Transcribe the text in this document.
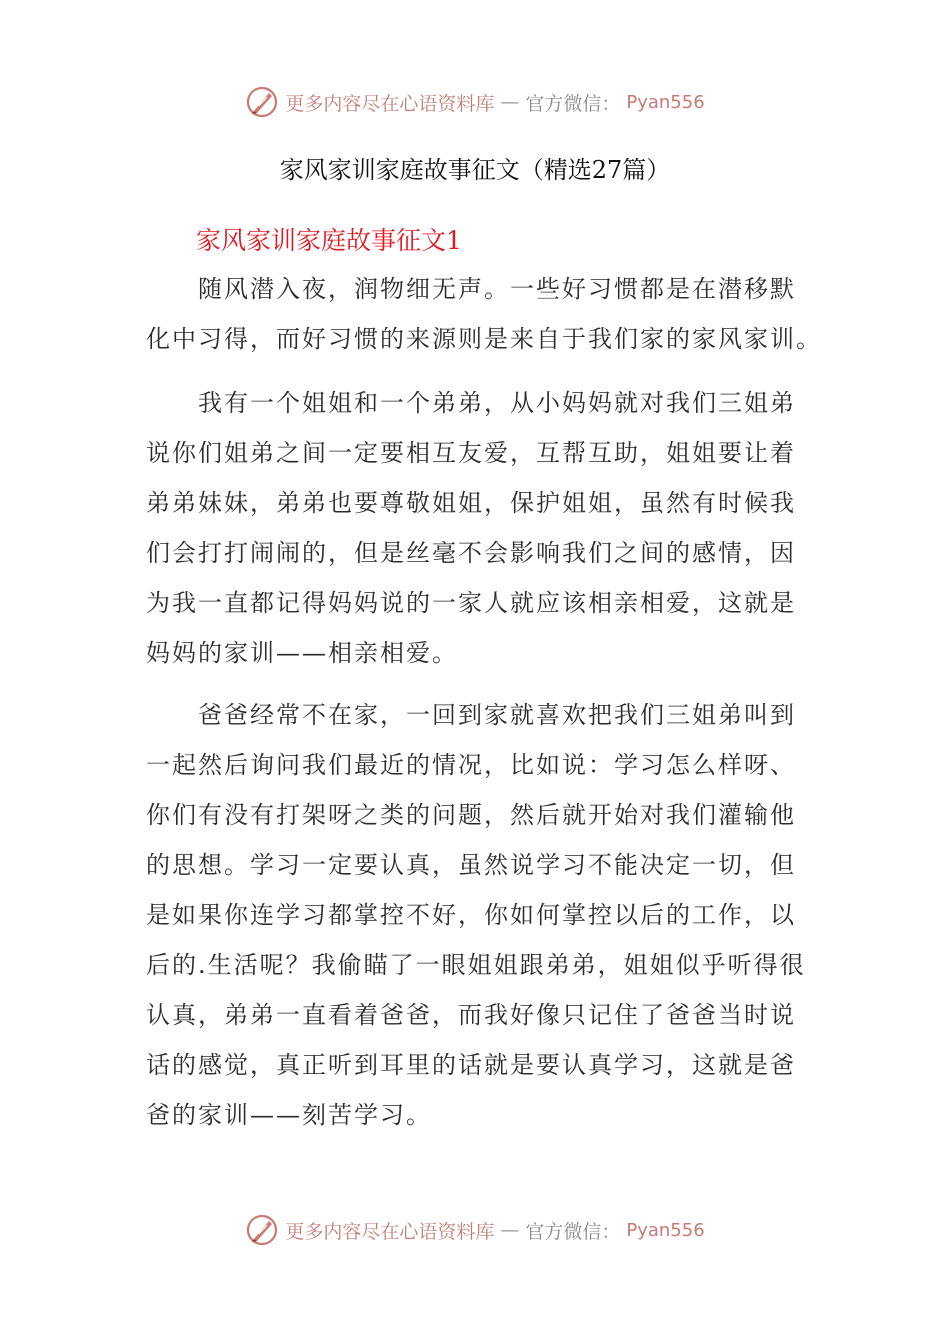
更多内容尽在心语资料库 — 官方微信： Pyan556
家风家训家庭故事征文（精选27篇）
家风家训家庭故事征文1

　　随风潜入夜，润物细无声。一些好习惯都是在潜移默
化中习得，而好习惯的来源则是来自于我们家的家风家训。

　　我有一个姐姐和一个弟弟，从小妈妈就对我们三姐弟
说你们姐弟之间一定要相互友爱，互帮互助，姐姐要让着
弟弟妹妹，弟弟也要尊敬姐姐，保护姐姐，虽然有时候我
们会打打闹闹的，但是丝毫不会影响我们之间的感情，因
为我一直都记得妈妈说的一家人就应该相亲相爱，这就是
妈妈的家训——相亲相爱。

　　爸爸经常不在家，一回到家就喜欢把我们三姐弟叫到
一起然后询问我们最近的情况，比如说：学习怎么样呀、
你们有没有打架呀之类的问题，然后就开始对我们灌输他
的思想。学习一定要认真，虽然说学习不能决定一切，但
是如果你连学习都掌控不好，你如何掌控以后的工作，以
后的.生活呢？我偷瞄了一眼姐姐跟弟弟，姐姐似乎听得很
认真，弟弟一直看着爸爸，而我好像只记住了爸爸当时说
话的感觉，真正听到耳里的话就是要认真学习，这就是爸
爸的家训——刻苦学习。

更多内容尽在心语资料库 — 官方微信： Pyan556
